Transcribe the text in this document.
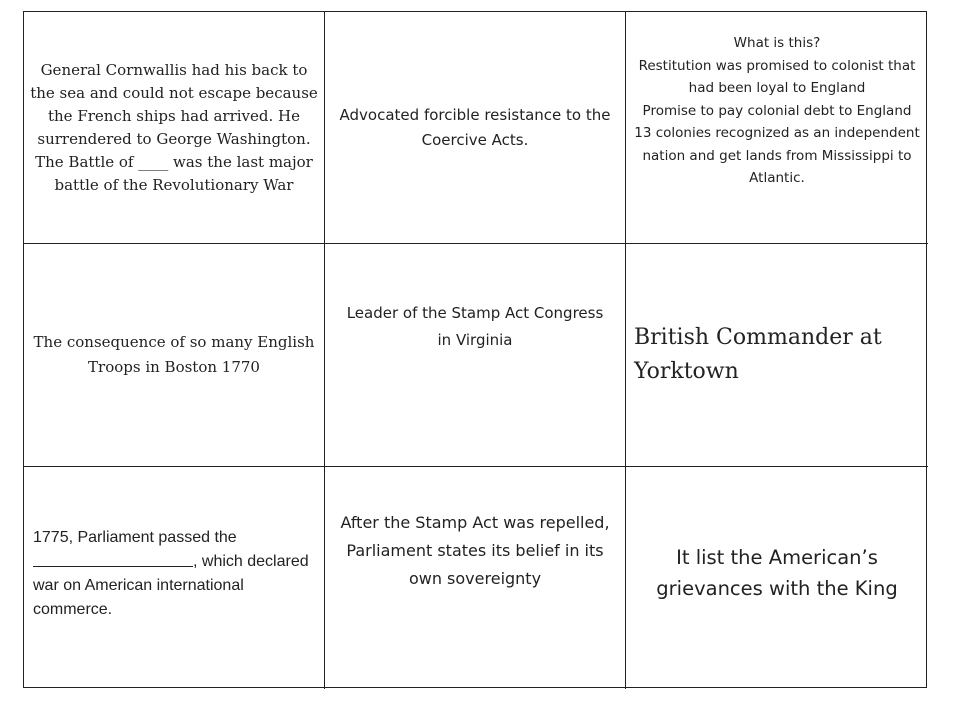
General Cornwallis had his back to the sea and could not escape because the French ships had arrived. He surrendered to George Washington. The Battle of ____ was the last major battle of the Revolutionary War
Advocated forcible resistance to the Coercive Acts.
What is this?
Restitution was promised to colonist that had been loyal to England
Promise to pay colonial debt to England
13 colonies recognized as an independent nation and get lands from Mississippi to Atlantic.
The consequence of so many English Troops in Boston 1770
Leader of the Stamp Act Congress in Virginia	British Commander at Yorktown
1775, Parliament passed the , which declared war on American international commerce.
After the Stamp Act was repelled, Parliament states its belief in its own sovereignty
It list the American’s grievances with the King
